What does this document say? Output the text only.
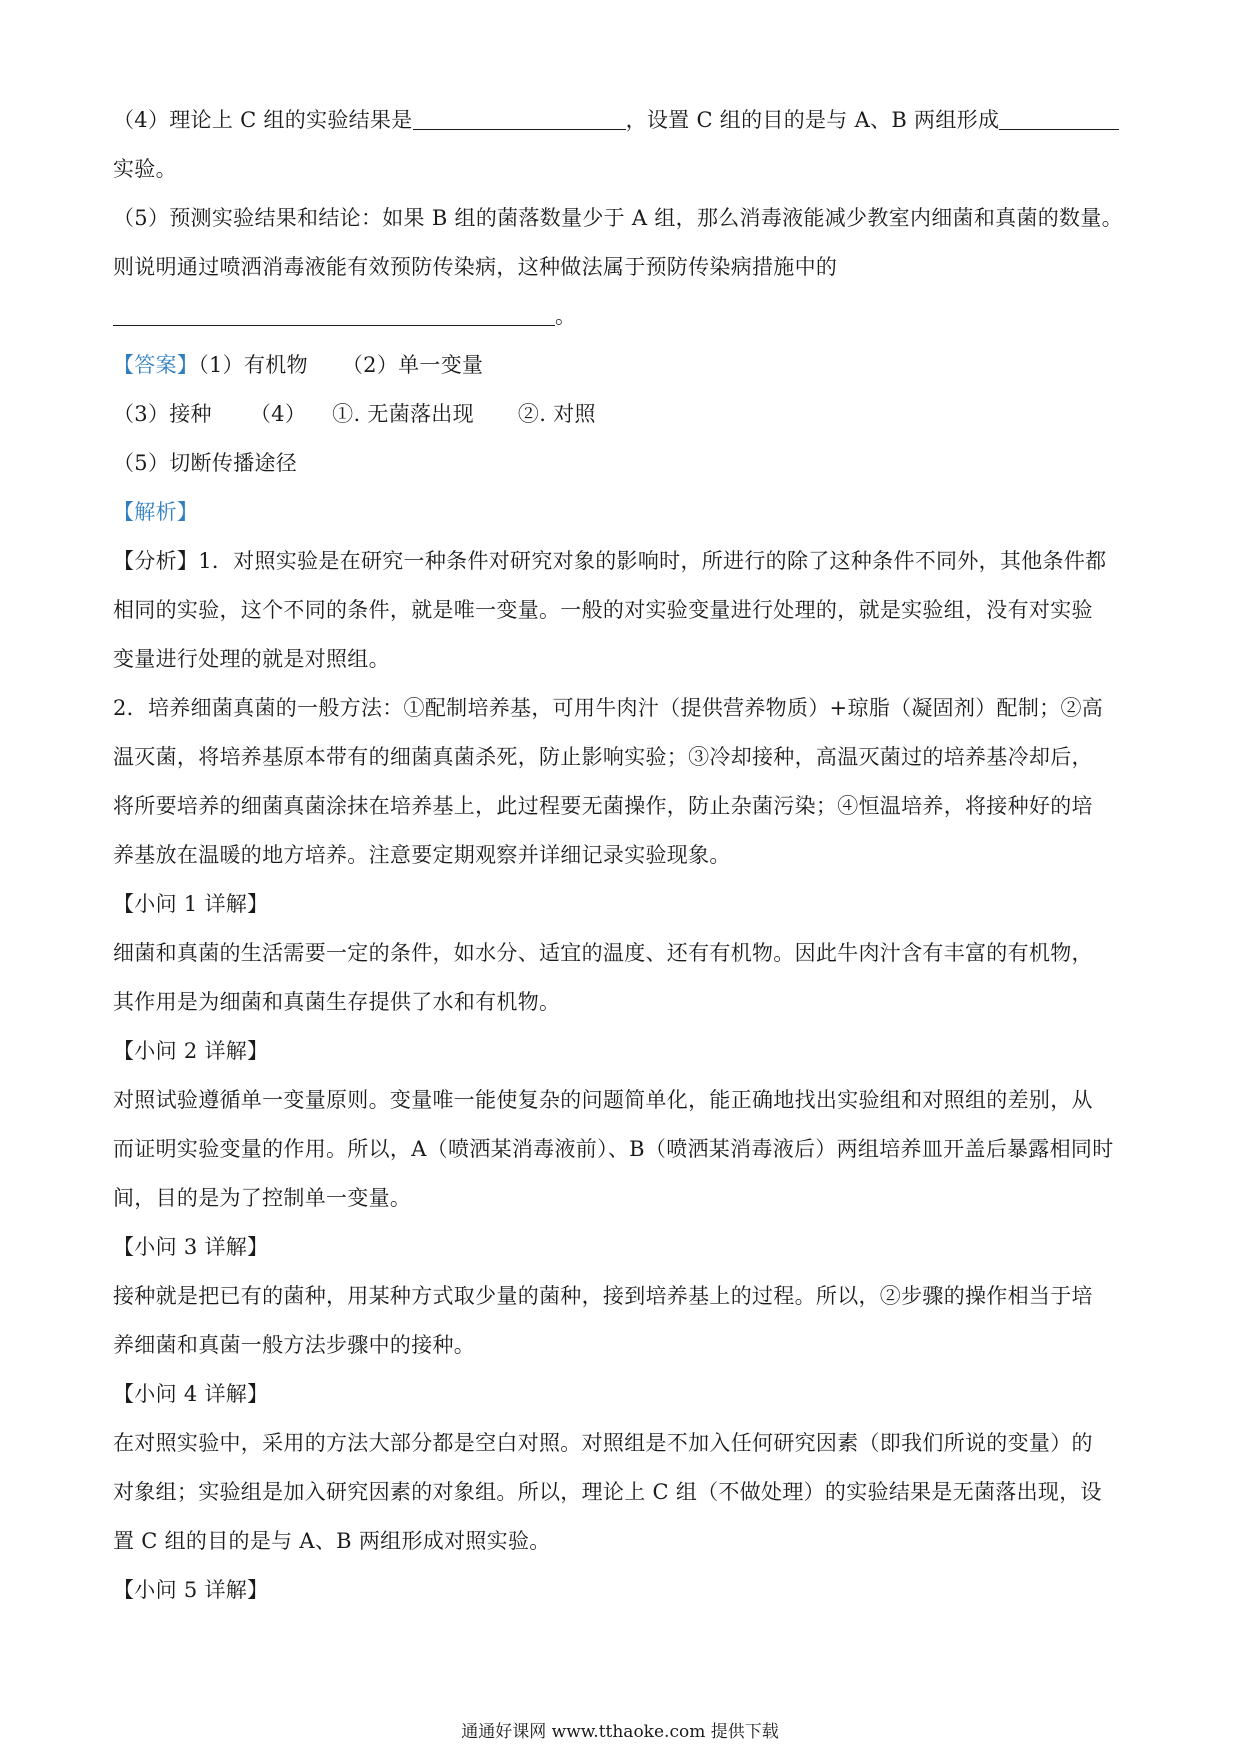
（4）理论上 C 组的实验结果是	，设置 C 组的目的是与 A、B 两组形成
实验。
（5）预测实验结果和结论：如果 B 组的菌落数量少于 A 组，那么消毒液能减少教室内细菌和真菌的数量。
则说明通过喷洒消毒液能有效预防传染病，这种做法属于预防传染病措施中的
。
【答案】（1）有机物 （2）单一变量
（3）接种 （4） ①. 无菌落出现 ②. 对照
（5）切断传播途径
【解析】
【分析】1．对照实验是在研究一种条件对研究对象的影响时，所进行的除了这种条件不同外，其他条件都
相同的实验，这个不同的条件，就是唯一变量。一般的对实验变量进行处理的，就是实验组，没有对实验
变量进行处理的就是对照组。
2．培养细菌真菌的一般方法：①配制培养基，可用牛肉汁（提供营养物质）+琼脂（凝固剂）配制；②高
温灭菌，将培养基原本带有的细菌真菌杀死，防止影响实验；③冷却接种，高温灭菌过的培养基冷却后，
将所要培养的细菌真菌涂抹在培养基上，此过程要无菌操作，防止杂菌污染；④恒温培养，将接种好的培
养基放在温暖的地方培养。注意要定期观察并详细记录实验现象。
【小问 1 详解】
细菌和真菌的生活需要一定的条件，如水分、适宜的温度、还有有机物。因此牛肉汁含有丰富的有机物，
其作用是为细菌和真菌生存提供了水和有机物。
【小问 2 详解】
对照试验遵循单一变量原则。变量唯一能使复杂的问题简单化，能正确地找出实验组和对照组的差别，从
而证明实验变量的作用。所以，A（喷洒某消毒液前）、B（喷洒某消毒液后）两组培养皿开盖后暴露相同时
间，目的是为了控制单一变量。
【小问 3 详解】
接种就是把已有的菌种，用某种方式取少量的菌种，接到培养基上的过程。所以，②步骤的操作相当于培
养细菌和真菌一般方法步骤中的接种。
【小问 4 详解】
在对照实验中，采用的方法大部分都是空白对照。对照组是不加入任何研究因素（即我们所说的变量）的
对象组；实验组是加入研究因素的对象组。所以，理论上 C 组（不做处理）的实验结果是无菌落出现，设
置 C 组的目的是与 A、B 两组形成对照实验。
【小问 5 详解】
通通好课网 www.tthaoke.com 提供下载
